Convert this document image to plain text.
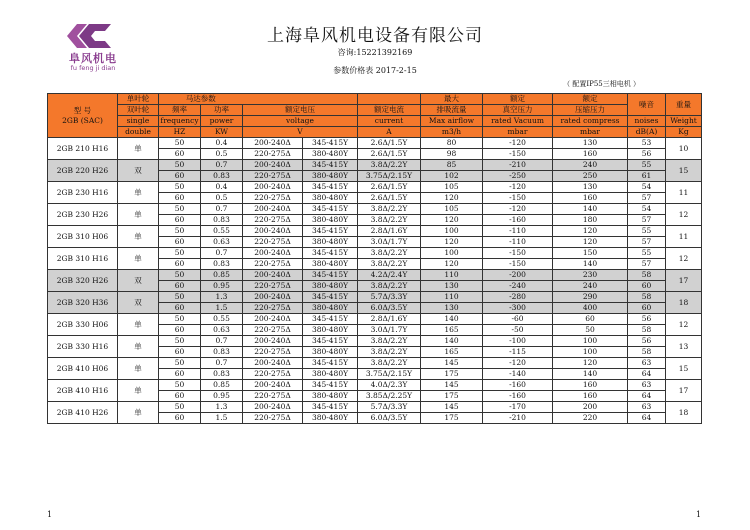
阜风机电
fu feng ji dian
上海阜风机电设备有限公司
咨询:15221392169
参数价格表 2017-2-15
（ 配置IP55三相电机 ）
型 号
2GB (SAC)	单叶轮	马达参数					最大	额定	额定	噪音	重量
	双叶轮	频率	功率	额定电压		额定电流	排吸流量	真空压力	压缩压力		
	single	frequency	power	voltage		current	Max airflow	rated Vacuum	rated compress	noises	Weight
	double	HZ	KW	V		A	m3/h	mbar	mbar	dB(A)	Kg
2GB 210 H16	单	50	0.4	200-240Δ	345-415Y	2.6Δ/1.5Y	80	-120	130	53	10
		60	0.5	220-275Δ	380-480Y	2.6Δ/1.5Y	98	-150	160	56	
2GB 220 H26	双	50	0.7	200-240Δ	345-415Y	3.8Δ/2.2Y	85	-210	240	55	15
		60	0.83	220-275Δ	380-480Y	3.75Δ/2.15Y	102	-250	250	61	
2GB 230 H16	单	50	0.4	200-240Δ	345-415Y	2.6Δ/1.5Y	105	-120	130	54	11
		60	0.5	220-275Δ	380-480Y	2.6Δ/1.5Y	120	-150	160	57	
2GB 230 H26	单	50	0.7	200-240Δ	345-415Y	3.8Δ/2.2Y	105	-120	140	54	12
		60	0.83	220-275Δ	380-480Y	3.8Δ/2.2Y	120	-160	180	57	
2GB 310 H06	单	50	0.55	200-240Δ	345-415Y	2.8Δ/1.6Y	100	-110	120	55	11
		60	0.63	220-275Δ	380-480Y	3.0Δ/1.7Y	120	-110	120	57	
2GB 310 H16	单	50	0.7	200-240Δ	345-415Y	3.8Δ/2.2Y	100	-150	150	55	12
		60	0.83	220-275Δ	380-480Y	3.8Δ/2.2Y	120	-150	140	57	
2GB 320 H26	双	50	0.85	200-240Δ	345-415Y	4.2Δ/2.4Y	110	-200	230	58	17
		60	0.95	220-275Δ	380-480Y	3.8Δ/2.2Y	130	-240	240	60	
2GB 320 H36	双	50	1.3	200-240Δ	345-415Y	5.7Δ/3.3Y	110	-280	290	58	18
		60	1.5	220-275Δ	380-480Y	6.0Δ/3.5Y	130	-300	400	60	
2GB 330 H06	单	50	0.55	200-240Δ	345-415Y	2.8Δ/1.6Y	140	-60	60	56	12
		60	0.63	220-275Δ	380-480Y	3.0Δ/1.7Y	165	-50	50	58	
2GB 330 H16	单	50	0.7	200-240Δ	345-415Y	3.8Δ/2.2Y	140	-100	100	56	13
		60	0.83	220-275Δ	380-480Y	3.8Δ/2.2Y	165	-115	100	58	
2GB 410 H06	单	50	0.7	200-240Δ	345-415Y	3.8Δ/2.2Y	145	-120	120	63	15
		60	0.83	220-275Δ	380-480Y	3.75Δ/2.15Y	175	-140	140	64	
2GB 410 H16	单	50	0.85	200-240Δ	345-415Y	4.0Δ/2.3Y	145	-160	160	63	17
		60	0.95	220-275Δ	380-480Y	3.85Δ/2.25Y	175	-160	160	64	
2GB 410 H26	单	50	1.3	200-240Δ	345-415Y	5.7Δ/3.3Y	145	-170	200	63	18
		60	1.5	220-275Δ	380-480Y	6.0Δ/3.5Y	175	-210	220	64	
1	1
